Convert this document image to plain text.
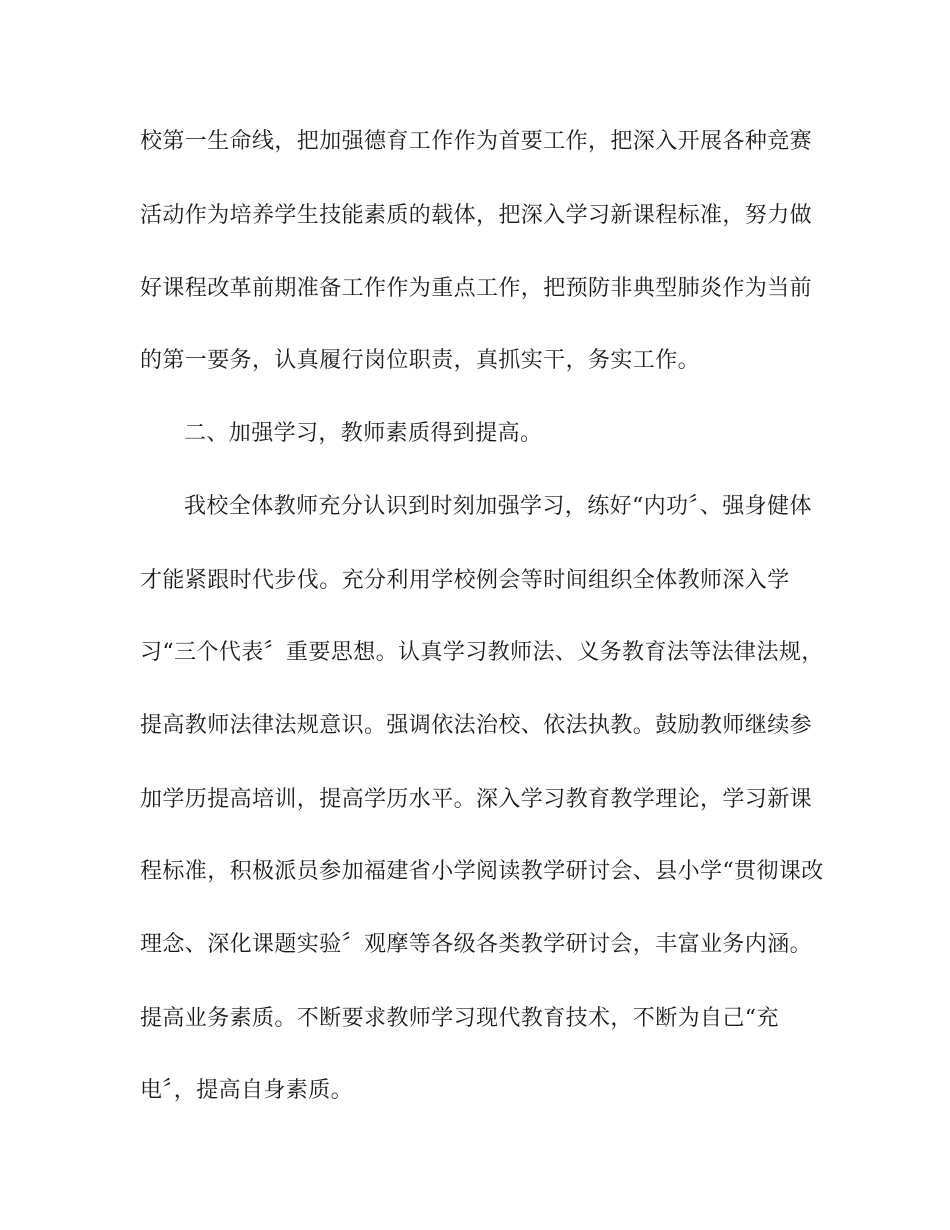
校第一生命线，把加强德育工作作为首要工作，把深入开展各种竞赛

活动作为培养学生技能素质的载体，把深入学习新课程标准，努力做

好课程改革前期准备工作作为重点工作，把预防非典型肺炎作为当前

的第一要务，认真履行岗位职责，真抓实干，务实工作。

二、加强学习，教师素质得到提高。

我校全体教师充分认识到时刻加强学习，练好“内功〞、强身健体

才能紧跟时代步伐。充分利用学校例会等时间组织全体教师深入学

习“三个代表〞重要思想。认真学习教师法、义务教育法等法律法规，

提高教师法律法规意识。强调依法治校、依法执教。鼓励教师继续参

加学历提高培训，提高学历水平。深入学习教育教学理论，学习新课

程标准，积极派员参加福建省小学阅读教学研讨会、县小学“贯彻课改

理念、深化课题实验〞观摩等各级各类教学研讨会，丰富业务内涵。

提高业务素质。不断要求教师学习现代教育技术，不断为自己“充

电〞，提高自身素质。
